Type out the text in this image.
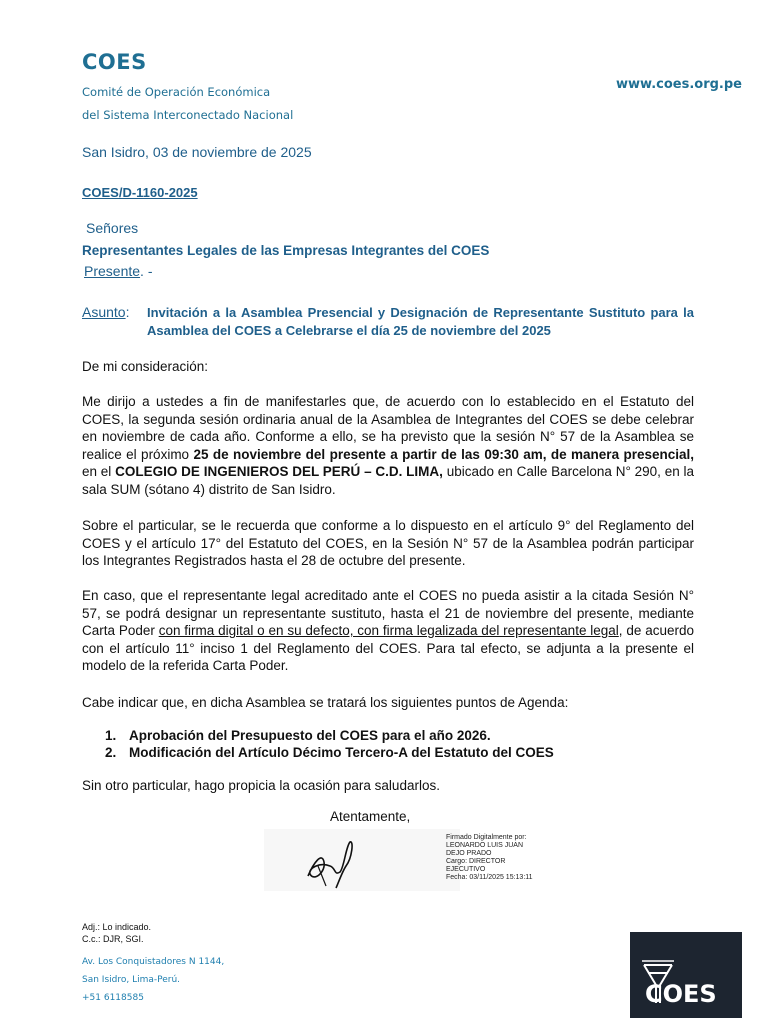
COES
Comité de Operación Económica
del Sistema Interconectado Nacional
www.coes.org.pe
San Isidro, 03 de noviembre de 2025
COES/D-1160-2025
Señores
Representantes Legales de las Empresas Integrantes del COES
Presente. -
Asunto: Invitación a la Asamblea Presencial y Designación de Representante Sustituto para la Asamblea del COES a Celebrarse el día 25 de noviembre del 2025
De mi consideración:
Me dirijo a ustedes a fin de manifestarles que, de acuerdo con lo establecido en el Estatuto del COES, la segunda sesión ordinaria anual de la Asamblea de Integrantes del COES se debe celebrar en noviembre de cada año. Conforme a ello, se ha previsto que la sesión N° 57 de la Asamblea se realice el próximo 25 de noviembre del presente a partir de las 09:30 am, de manera presencial, en el COLEGIO DE INGENIEROS DEL PERÚ – C.D. LIMA, ubicado en Calle Barcelona N° 290, en la sala SUM (sótano 4) distrito de San Isidro.
Sobre el particular, se le recuerda que conforme a lo dispuesto en el artículo 9° del Reglamento del COES y el artículo 17° del Estatuto del COES, en la Sesión N° 57 de la Asamblea podrán participar los Integrantes Registrados hasta el 28 de octubre del presente.
En caso, que el representante legal acreditado ante el COES no pueda asistir a la citada Sesión N° 57, se podrá designar un representante sustituto, hasta el 21 de noviembre del presente, mediante Carta Poder con firma digital o en su defecto, con firma legalizada del representante legal, de acuerdo con el artículo 11° inciso 1 del Reglamento del COES. Para tal efecto, se adjunta a la presente el modelo de la referida Carta Poder.
Cabe indicar que, en dicha Asamblea se tratará los siguientes puntos de Agenda:
1. Aprobación del Presupuesto del COES para el año 2026.
2. Modificación del Artículo Décimo Tercero-A del Estatuto del COES
Sin otro particular, hago propicia la ocasión para saludarlos.
Atentamente,
Firmado Digitalmente por:
LEONARDO LUIS JUAN
DEJO PRADO
Cargo: DIRECTOR
EJECUTIVO
Fecha: 03/11/2025 15:13:11
Adj.: Lo indicado.
C.c.: DJR, SGI.
Av. Los Conquistadores N 1144,
San Isidro, Lima-Perú.
+51 6118585	COES
